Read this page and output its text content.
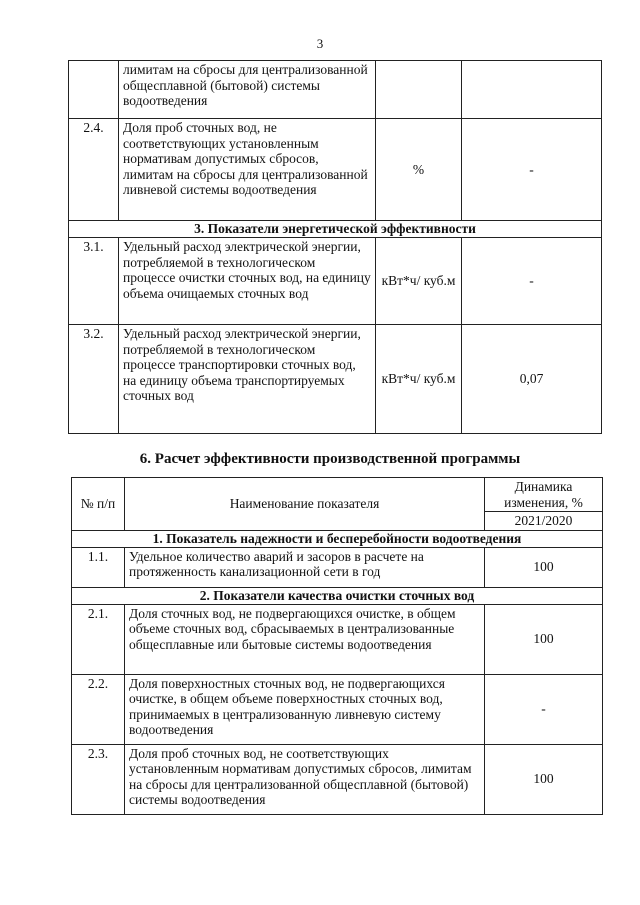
3
	лимитам на сбросы для централизованной общесплавной (бытовой) системы водоотведения		
2.4.	Доля проб сточных вод, не соответствующих установленным нормативам допустимых сбросов, лимитам на сбросы для централизованной ливневой системы водоотведения	%	-
3. Показатели энергетической эффективности			
3.1.	Удельный расход электрической энергии, потребляемой в технологическом процессе очистки сточных вод, на единицу объема очищаемых сточных вод	кВт*ч/ куб.м	-
3.2.	Удельный расход электрической энергии, потребляемой в технологическом процессе транспортировки сточных вод, на единицу объема транспортируемых сточных вод	кВт*ч/ куб.м	0,07
6. Расчет эффективности производственной программы
№ п/п	Наименование показателя	Динамика изменения, %
		2021/2020
1. Показатель надежности и бесперебойности водоотведения		
1.1.	Удельное количество аварий и засоров в расчете на протяженность канализационной сети в год	100
2. Показатели качества очистки сточных вод		
2.1.	Доля сточных вод, не подвергающихся очистке, в общем объеме сточных вод, сбрасываемых в централизованные общесплавные или бытовые системы водоотведения	100
2.2.	Доля поверхностных сточных вод, не подвергающихся очистке, в общем объеме поверхностных сточных вод, принимаемых в централизованную ливневую систему водоотведения	-
2.3.	Доля проб сточных вод, не соответствующих установленным нормативам допустимых сбросов, лимитам на сбросы для централизованной общесплавной (бытовой) системы водоотведения	100
